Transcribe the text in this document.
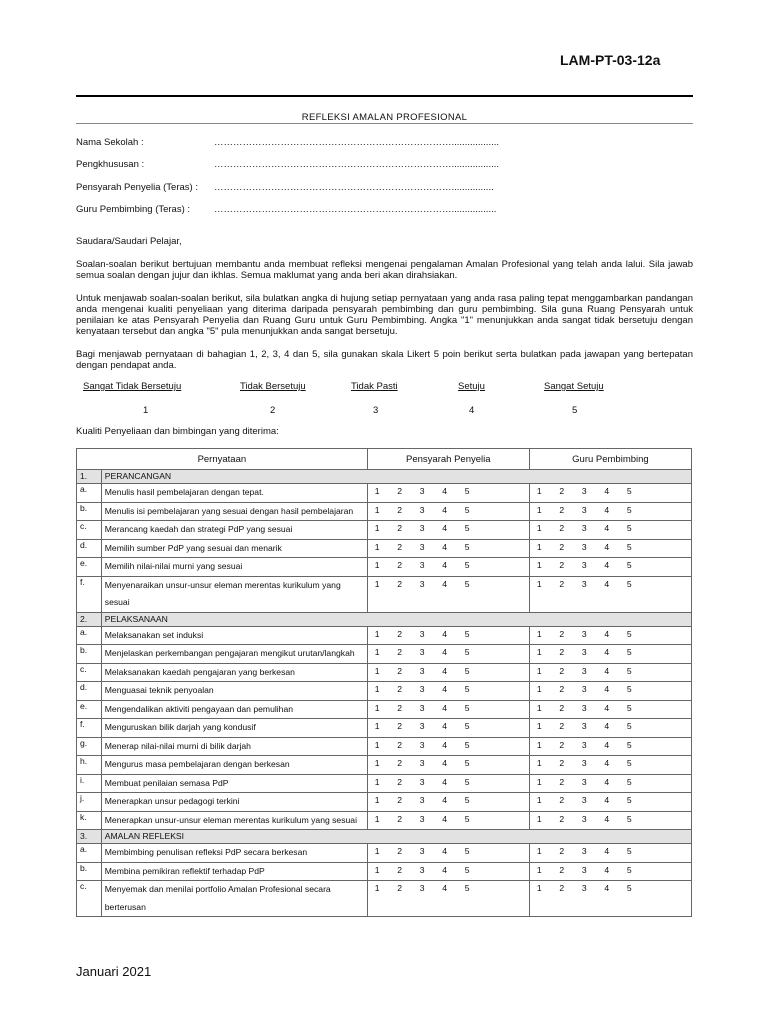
LAM-PT-03-12a
REFLEKSI AMALAN PROFESIONAL
Nama Sekolah :	…………………………………………………………………..................
Pengkhususan :	…………………………………………………………………..................
Pensyarah Penyelia (Teras) : …………………………………………………………………................
Guru Pembimbing (Teras) :	………………………………………………………………….................
Saudara/Saudari Pelajar,
Soalan-soalan berikut bertujuan membantu anda membuat refleksi mengenai pengalaman Amalan Profesional yang telah anda lalui. Sila jawab semua soalan dengan jujur dan ikhlas. Semua maklumat yang anda beri akan dirahsiakan.
Untuk menjawab soalan-soalan berikut, sila bulatkan angka di hujung setiap pernyataan yang anda rasa paling tepat menggambarkan pandangan anda mengenai kualiti penyeliaan yang diterima daripada pensyarah pembimbing dan guru pembimbing. Sila guna Ruang Pensyarah untuk penilaian ke atas Pensyarah Penyelia dan Ruang Guru untuk Guru Pembimbing. Angka "1" menunjukkan anda sangat tidak bersetuju dengan kenyataan tersebut dan angka "5" pula menunjukkan anda sangat bersetuju.
Bagi menjawab pernyataan di bahagian 1, 2, 3, 4 dan 5, sila gunakan skala Likert 5 poin berikut serta bulatkan pada jawapan yang bertepatan dengan pendapat anda.
Sangat Tidak Bersetuju	Tidak Bersetuju	Tidak Pasti	Setuju	Sangat Setuju
1	2	3	4	5
Kualiti Penyeliaan dan bimbingan yang diterima:
Pernyataan		Pensyarah Penyelia	Guru Pembimbing
1.	PERANCANGAN		
a.	Menulis hasil pembelajaran dengan tepat.	1 2 3 4 5	1 2 3 4 5

b.	Menulis isi pembelajaran yang sesuai dengan hasil pembelajaran	1 2 3 4 5	1 2 3 4 5

c.	Merancang kaedah dan strategi PdP yang sesuai	1 2 3 4 5	1 2 3 4 5

d.	Memilih sumber PdP yang sesuai dan menarik	1 2 3 4 5	1 2 3 4 5

e.	Memilih nilai-nilai murni yang sesuai	1 2 3 4 5	1 2 3 4 5

f.	Menyenaraikan unsur-unsur eleman merentas kurikulum yang sesuai	1 2 3 4 5	1 2 3 4 5

2.	PELAKSANAAN		
a.	Melaksanakan set induksi	1 2 3 4 5	1 2 3 4 5

b.	Menjelaskan perkembangan pengajaran mengikut urutan/langkah	1 2 3 4 5	1 2 3 4 5

c.	Melaksanakan kaedah pengajaran yang berkesan	1 2 3 4 5	1 2 3 4 5

d.	Menguasai teknik penyoalan	1 2 3 4 5	1 2 3 4 5

e.	Mengendalikan aktiviti pengayaan dan pemulihan	1 2 3 4 5	1 2 3 4 5

f.	Menguruskan bilik darjah yang kondusif	1 2 3 4 5	1 2 3 4 5

g.	Menerap nilai-nilai murni di bilik darjah	1 2 3 4 5	1 2 3 4 5

h.	Mengurus masa pembelajaran dengan berkesan	1 2 3 4 5	1 2 3 4 5

i.	Membuat penilaian semasa PdP	1 2 3 4 5	1 2 3 4 5

j.	Menerapkan unsur pedagogi terkini	1 2 3 4 5	1 2 3 4 5

k.	Menerapkan unsur-unsur eleman merentas kurikulum yang sesuai	1 2 3 4 5	1 2 3 4 5

3.	AMALAN REFLEKSI		
a.	Membimbing penulisan refleksi PdP secara berkesan	1 2 3 4 5	1 2 3 4 5

b.	Membina pemikiran reflektif terhadap PdP	1 2 3 4 5	1 2 3 4 5

c.	Menyemak dan menilai portfolio Amalan Profesional secara berterusan	1 2 3 4 5	1 2 3 4 5
Januari 2021
